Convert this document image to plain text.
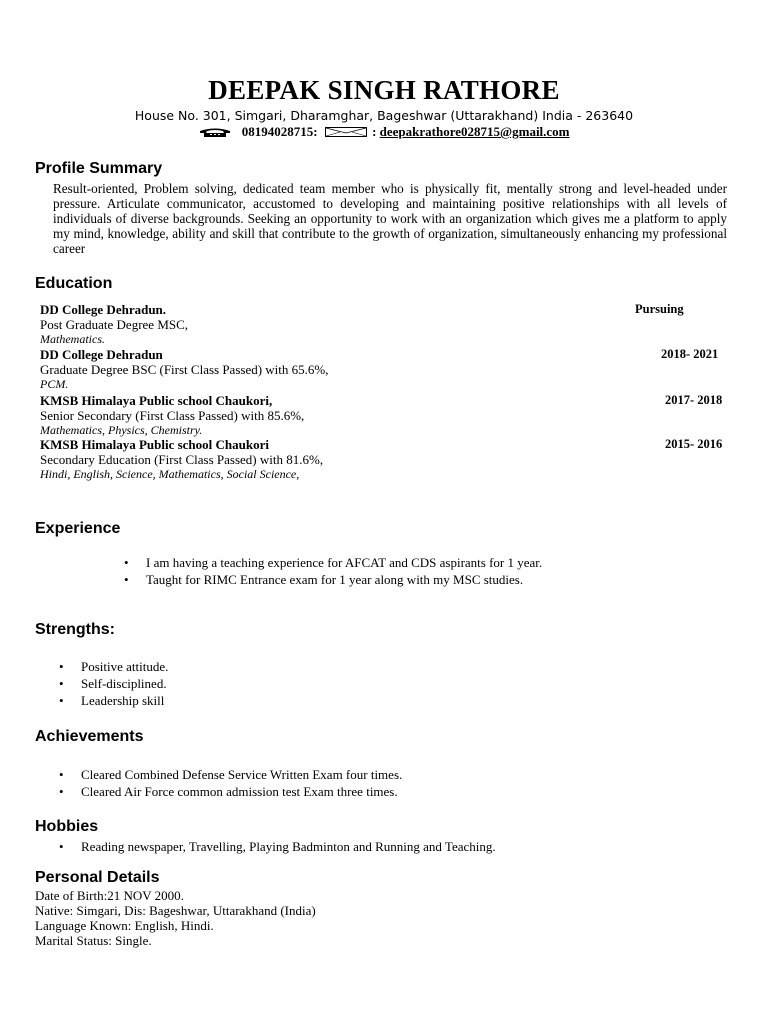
DEEPAK SINGH RATHORE
House No. 301, Simgari, Dharamghar, Bageshwar (Uttarakhand) India - 263640
08194028715:	: deepakrathore028715@gmail.com
Profile Summary
Result-oriented, Problem solving, dedicated team member who is physically fit, mentally strong and level-headed under pressure. Articulate communicator, accustomed to developing and maintaining positive relationships with all levels of individuals of diverse backgrounds. Seeking an opportunity to work with an organization which gives me a platform to apply my mind, knowledge, ability and skill that contribute to the growth of organization, simultaneously enhancing my professional career
Education
DD College Dehradun.
Post Graduate Degree MSC,
Mathematics.
Pursuing
DD College Dehradun
Graduate Degree BSC (First Class Passed) with 65.6%,
PCM.
2018- 2021
KMSB Himalaya Public school Chaukori,
Senior Secondary (First Class Passed) with 85.6%,
Mathematics, Physics, Chemistry.
2017- 2018
KMSB Himalaya Public school Chaukori
Secondary Education (First Class Passed) with 81.6%,
Hindi, English, Science, Mathematics, Social Science,
2015- 2016
Experience
• I am having a teaching experience for AFCAT and CDS aspirants for 1 year.
• Taught for RIMC Entrance exam for 1 year along with my MSC studies.
Strengths:
• Positive attitude.
• Self-disciplined.
• Leadership skill
Achievements
• Cleared Combined Defense Service Written Exam four times.
• Cleared Air Force common admission test Exam three times.
Hobbies
• Reading newspaper, Travelling, Playing Badminton and Running and Teaching.
Personal Details
Date of Birth:21 NOV 2000.
Native: Simgari, Dis: Bageshwar, Uttarakhand (India)
Language Known: English, Hindi.
Marital Status: Single.
